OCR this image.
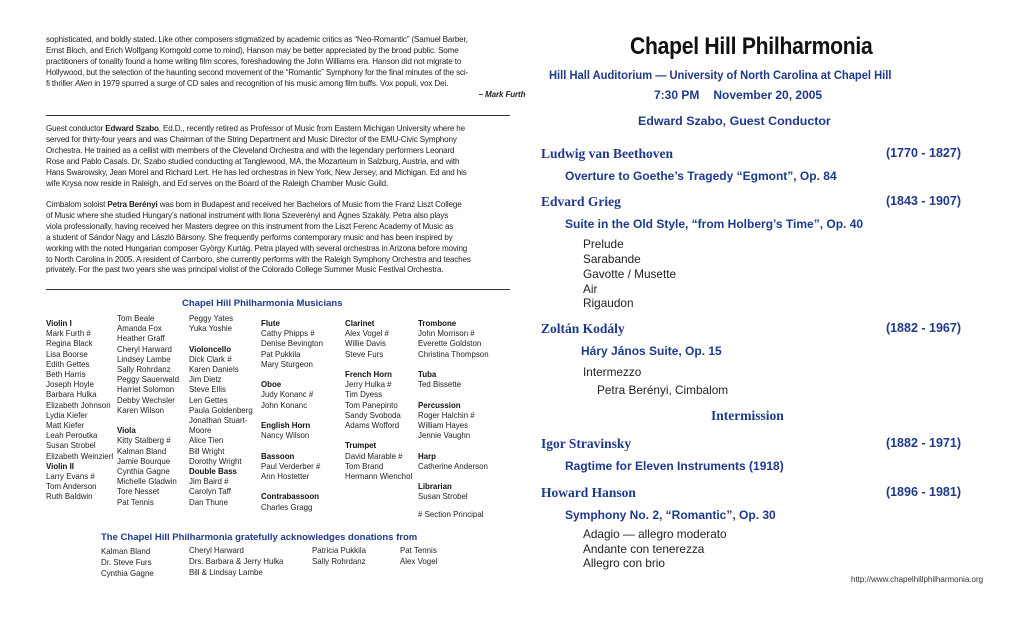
sophisticated, and boldly stated. Like other composers stigmatized by academic critics as “Neo-Romantic” (Samuel Barber,
Ernst Bloch, and Erich Wolfgang Korngold come to mind), Hanson may be better appreciated by the broad public. Some
practitioners of tonality found a home writing film scores, foreshadowing the John Williams era. Hanson did not migrate to
Hollywood, but the selection of the haunting second movement of the “Romantic” Symphony for the final minutes of the sci-
fi thriller Alien in 1979 spurred a surge of CD sales and recognition of his music among film buffs. Vox populi, vox Dei.
– Mark Furth
Guest conductor Edward Szabo, Ed.D., recently retired as Professor of Music from Eastern Michigan University where he
served for thirty-four years and was Chairman of the String Department and Music Director of the EMU-Civic Symphony
Orchestra. He trained as a cellist with members of the Cleveland Orchestra and with the legendary performers Leonard
Rose and Pablo Casals. Dr. Szabo studied conducting at Tanglewood, MA, the Mozarteum in Salzburg, Austria, and with
Hans Swarowsky, Jean Morel and Richard Lert. He has led orchestras in New York, New Jersey, and Michigan. Ed and his
wife Krysa now reside in Raleigh, and Ed serves on the Board of the Raleigh Chamber Music Guild.
Cimbalom soloist Petra Berényi was born in Budapest and received her Bachelors of Music from the Franz Liszt College
of Music where she studied Hungary’s national instrument with Ilona Szeverényi and Ágnes Szakály. Petra also plays
viola professionally, having received her Masters degree on this instrument from the Liszt Ferenc Academy of Music as
a student of Sándor Nagy and László Bársony. She frequently performs contemporary music and has been inspired by
working with the noted Hungarian composer György Kurtág. Petra played with several orchestras in Arizona before moving
to North Carolina in 2005. A resident of Carrboro, she currently performs with the Raleigh Symphony Orchestra and teaches
privately. For the past two years she was principal violist of the Colorado College Summer Music Festival Orchestra.
Chapel Hill Philharmonia Musicians
Violin I
Mark Furth #
Regina Black
Lisa Boorse
Edith Gettes
Beth Harris
Joseph Hoyle
Barbara Hulka
Elizabeth Johnson
Lydia Kiefer
Matt Kiefer
Leah Peroutka
Susan Strobel
Elizabeth Weinzierl
Violin II
Larry Evans #
Tom Anderson
Ruth Baldwin
Tom Beale
Amanda Fox
Heather Graff
Cheryl Harward
Lindsey Lambe
Sally Rohrdanz
Peggy Sauerwald
Harriet Solomon
Debby Wechsler
Karen Wilson

Viola
Kitty Stalberg #
Kalman Bland
Jamie Bourque
Cynthia Gagne
Michelle Gladwin
Tore Nesset
Pat Tennis
Peggy Yates
Yuka Yoshie

Violoncello
Dick Clark #
Karen Daniels
Jim Dietz
Steve Ellis
Len Gettes
Paula Goldenberg
Jonathan Stuart-
Moore
Alice Tien
Bill Wright
Dorothy Wright
Double Bass
Jim Baird #
Carolyn Taff
Dan Thune
Flute
Cathy Phipps #
Denise Bevington
Pat Pukkila
Mary Sturgeon

Oboe
Judy Konanc #
John Konanc

English Horn
Nancy Wilson

Bassoon
Paul Verderber #
Ann Hostetter

Contrabassoon
Charles Gragg
Clarinet
Alex Vogel #
Willie Davis
Steve Furs

French Horn
Jerry Hulka #
Tim Dyess
Tom Panepinto
Sandy Svoboda
Adams Wofford

Trumpet
David Marable #
Tom Brand
Hermann Wienchol
Trombone
John Morrison #
Everette Goldston
Christina Thompson

Tuba
Ted Bissette

Percussion
Roger Halchin #
William Hayes
Jennie Vaughn

Harp
Catherine Anderson

Librarian
Susan Strobel
# Section Principal
The Chapel Hill Philharmonia gratefully acknowledges donations from
Kalman Bland
Dr. Steve Furs
Cynthia Gagne
Cheryl Harward
Drs. Barbara & Jerry Hulka
Bill & Lindsay Lambe
Patricia Pukkila
Sally Rohrdanz
Pat Tennis
Alex Vogel
Chapel Hill Philharmonia
Hill Hall Auditorium — University of North Carolina at Chapel Hill
7:30 PM November 20, 2005
Edward Szabo, Guest Conductor
Ludwig van Beethoven	(1770 - 1827)
Overture to Goethe’s Tragedy “Egmont”, Op. 84
Edvard Grieg	(1843 - 1907)
Suite in the Old Style, “from Holberg’s Time”, Op. 40
Prelude
Sarabande
Gavotte / Musette
Air
Rigaudon
Zoltán Kodály	(1882 - 1967)
Háry János Suite, Op. 15
Intermezzo
Petra Berényi, Cimbalom
Intermission
Igor Stravinsky	(1882 - 1971)
Ragtime for Eleven Instruments (1918)
Howard Hanson	(1896 - 1981)
Symphony No. 2, “Romantic”, Op. 30
Adagio — allegro moderato
Andante con tenerezza
Allegro con brio
http://www.chapelhillphilharmonia.org
